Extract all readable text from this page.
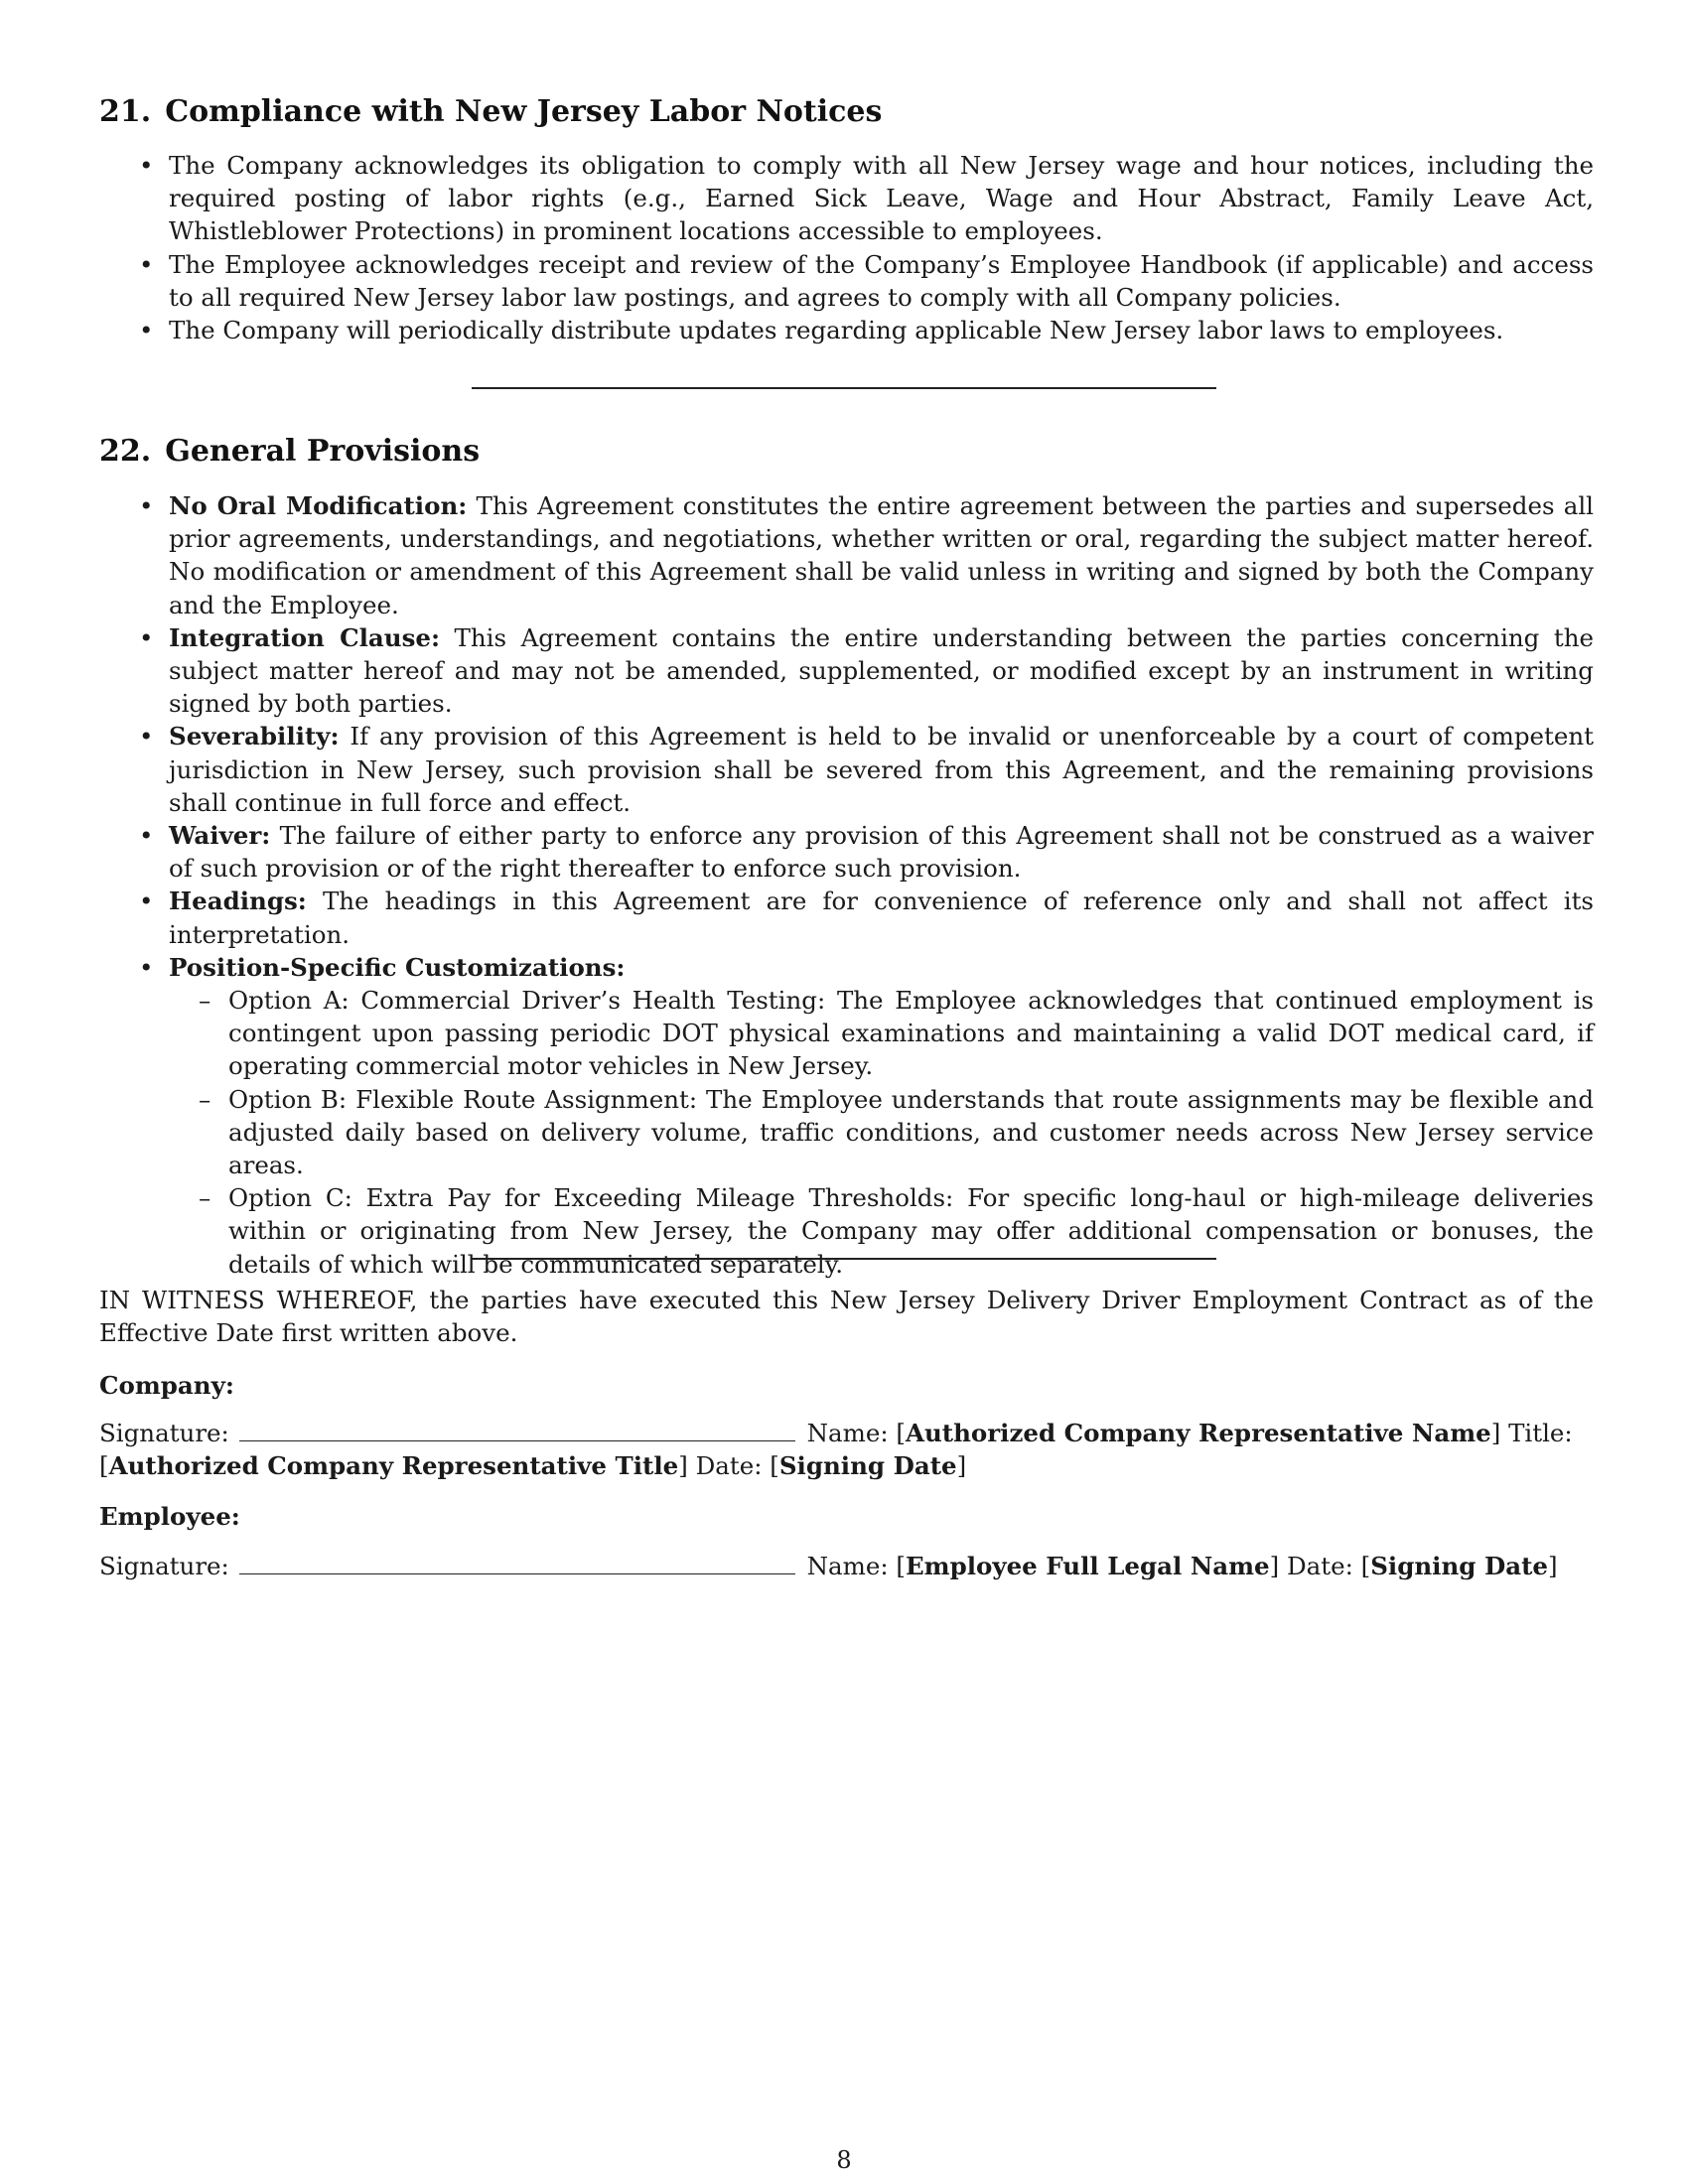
21. Compliance with New Jersey Labor Notices
• The Company acknowledges its obligation to comply with all New Jersey wage and hour notices, including the required posting of labor rights (e.g., Earned Sick Leave, Wage and Hour Abstract, Family Leave Act, Whistleblower Protections) in prominent locations accessible to employees.
• The Employee acknowledges receipt and review of the Company’s Employee Handbook (if applicable) and access to all required New Jersey labor law postings, and agrees to comply with all Company policies.
• The Company will periodically distribute updates regarding applicable New Jersey labor laws to employees.
22. General Provisions
• No Oral Modification: This Agreement constitutes the entire agreement between the parties and supersedes all prior agreements, understandings, and negotiations, whether written or oral, regarding the subject matter hereof. No modification or amendment of this Agreement shall be valid unless in writing and signed by both the Company and the Employee.
• Integration Clause: This Agreement contains the entire understanding between the parties concerning the subject matter hereof and may not be amended, supplemented, or modified except by an instrument in writing signed by both parties.
• Severability: If any provision of this Agreement is held to be invalid or unenforceable by a court of competent jurisdiction in New Jersey, such provision shall be severed from this Agreement, and the remaining provisions shall continue in full force and effect.
• Waiver: The failure of either party to enforce any provision of this Agreement shall not be construed as a waiver of such provision or of the right thereafter to enforce such provision.
• Headings: The headings in this Agreement are for convenience of reference only and shall not affect its interpretation.
• Position-Specific Customizations:
– Option A: Commercial Driver’s Health Testing: The Employee acknowledges that continued employment is contingent upon passing periodic DOT physical examinations and maintaining a valid DOT medical card, if operating commercial motor vehicles in New Jersey.
– Option B: Flexible Route Assignment: The Employee understands that route assignments may be flexible and adjusted daily based on delivery volume, traffic conditions, and customer needs across New Jersey service areas.
– Option C: Extra Pay for Exceeding Mileage Thresholds: For specific long-haul or high-mileage deliveries within or originating from New Jersey, the Company may offer additional compensation or bonuses, the details of which will be communicated separately.
IN WITNESS WHEREOF, the parties have executed this New Jersey Delivery Driver Employment Contract as of the Effective Date first written above.
Company:
Signature:	Name: [Authorized Company Representative Name] Title: [Authorized Company Representative Title] Date: [Signing Date]
Employee:
Signature:	Name: [Employee Full Legal Name] Date: [Signing Date]
8
